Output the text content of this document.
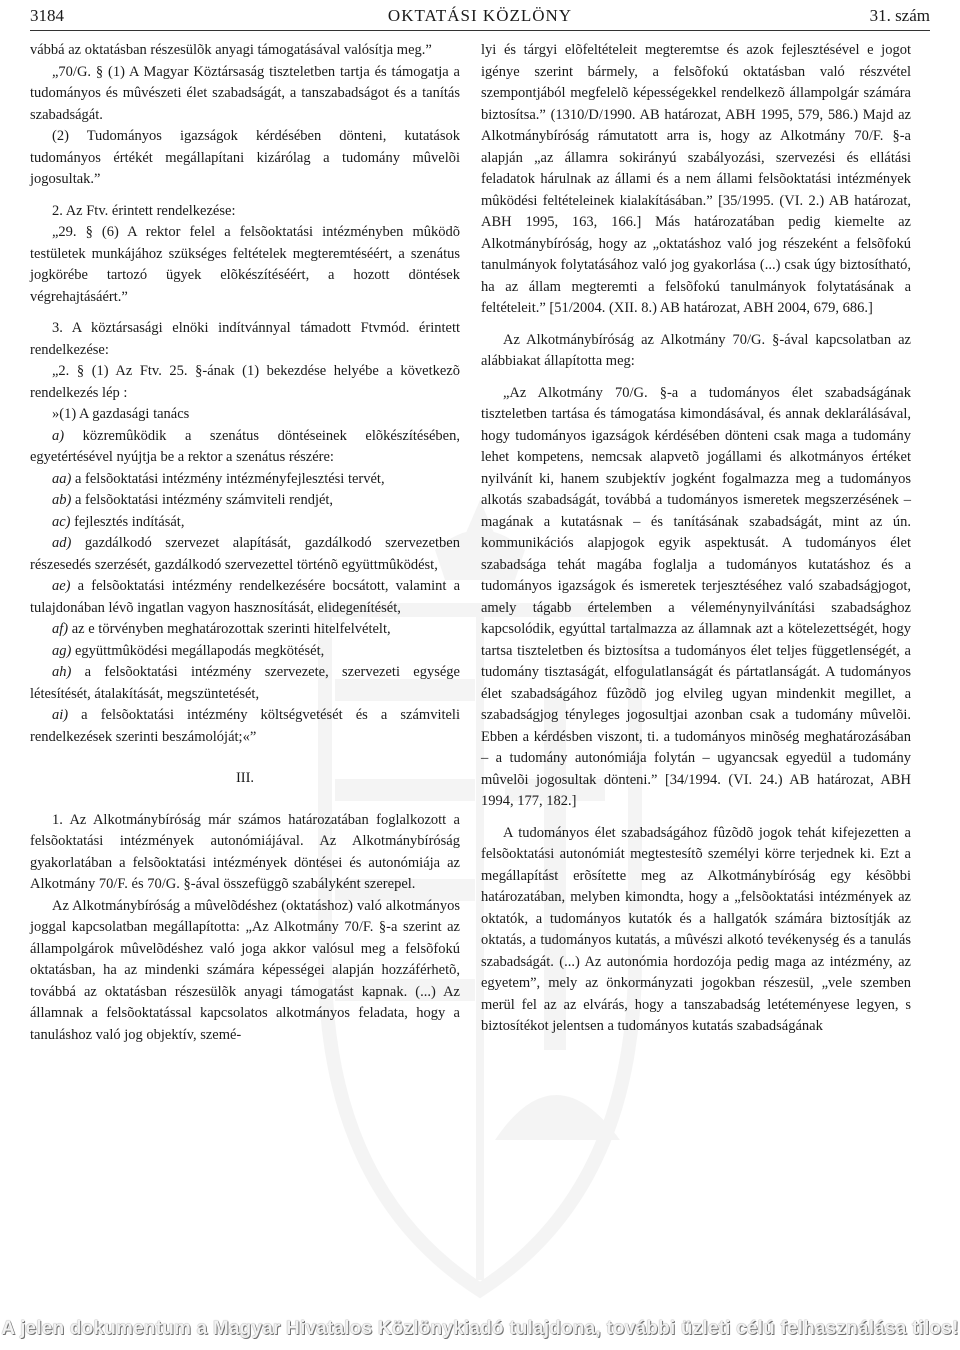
3184	OKTATÁSI KÖZLÖNY	31. szám

vábbá az oktatásban részesülõk anyagi támogatásával valósítja meg.”

„70/G. § (1) A Magyar Köztársaság tiszteletben tartja és támogatja a tudományos és mûvészeti élet szabadságát, a tanszabadságot és a tanítás szabadságát.

(2) Tudományos igazságok kérdésében dönteni, kutatások tudományos értékét megállapítani kizárólag a tudomány mûvelõi jogosultak.”

2. Az Ftv. érintett rendelkezése:

„29. § (6) A rektor felel a felsõoktatási intézményben mûködõ testületek munkájához szükséges feltételek megteremtéséért, a szenátus jogkörébe tartozó ügyek elõkészítéséért, a hozott döntések végrehajtásáért.”

3. A köztársasági elnöki indítvánnyal támadott Ftvmód. érintett rendelkezése:

„2. § (1) Az Ftv. 25. §-ának (1) bekezdése helyébe a következõ rendelkezés lép :

»(1) A gazdasági tanács

a) közremûködik a szenátus döntéseinek elõkészítésében, egyetértésével nyújtja be a rektor a szenátus részére:

aa) a felsõoktatási intézmény intézményfejlesztési tervét,

ab) a felsõoktatási intézmény számviteli rendjét,

ac) fejlesztés indítását,

ad) gazdálkodó szervezet alapítását, gazdálkodó szervezetben részesedés szerzését, gazdálkodó szervezettel történõ együttmûködést,

ae) a felsõoktatási intézmény rendelkezésére bocsátott, valamint a tulajdonában lévõ ingatlan vagyon hasznosítását, elidegenítését,

af) az e törvényben meghatározottak szerinti hitelfelvételt,

ag) együttmûködési megállapodás megkötését,

ah) a felsõoktatási intézmény szervezete, szervezeti egysége létesítését, átalakítását, megszüntetését,

ai) a felsõoktatási intézmény költségvetését és a számviteli rendelkezések szerinti beszámolóját;«”

III.

1. Az Alkotmánybíróság már számos határozatában foglalkozott a felsõoktatási intézmények autonómiájával. Az Alkotmánybíróság gyakorlatában a felsõoktatási intézmények döntései és autonómiája az Alkotmány 70/F. és 70/G. §-ával összefüggõ szabályként szerepel.

Az Alkotmánybíróság a mûvelõdéshez (oktatáshoz) való alkotmányos joggal kapcsolatban megállapította: „Az Alkotmány 70/F. §-a szerint az állampolgárok mûvelõdéshez való joga akkor valósul meg a felsõfokú oktatásban, ha az mindenki számára képességei alapján hozzáférhetõ, továbbá az oktatásban részesülõk anyagi támogatást kapnak. (...) Az államnak a felsõoktatással kapcsolatos alkotmányos feladata, hogy a tanuláshoz való jog objektív, szemé-

lyi és tárgyi elõfeltételeit megteremtse és azok fejlesztésével e jogot igénye szerint bármely, a felsõfokú oktatásban való részvétel szempontjából megfelelõ képességekkel rendelkezõ állampolgár számára biztosítsa.” (1310/D/1990. AB határozat, ABH 1995, 579, 586.) Majd az Alkotmánybíróság rámutatott arra is, hogy az Alkotmány 70/F. §-a alapján „az államra sokirányú szabályozási, szervezési és ellátási feladatok hárulnak az állami és a nem állami felsõoktatási intézmények mûködési feltételeinek kialakításában.” [35/1995. (VI. 2.) AB határozat, ABH 1995, 163, 166.] Más határozatában pedig kiemelte az Alkotmánybíróság, hogy az „oktatáshoz való jog részeként a felsõfokú tanulmányok folytatásához való jog gyakorlása (...) csak úgy biztosítható, ha az állam megteremti a felsõfokú tanulmányok folytatásának a feltételeit.” [51/2004. (XII. 8.) AB határozat, ABH 2004, 679, 686.]

Az Alkotmánybíróság az Alkotmány 70/G. §-ával kapcsolatban az alábbiakat állapította meg:

„Az Alkotmány 70/G. §-a a tudományos élet szabadságának tiszteletben tartása és támogatása kimondásával, és annak deklarálásával, hogy tudományos igazságok kérdésében dönteni csak maga a tudomány lehet kompetens, nemcsak alapvetõ jogállami és alkotmányos értéket nyilvánít ki, hanem szubjektív jogként fogalmazza meg a tudományos alkotás szabadságát, továbbá a tudományos ismeretek megszerzésének – magának a kutatásnak – és tanításának szabadságát, mint az ún. kommunikációs alapjogok egyik aspektusát. A tudományos élet szabadsága tehát magába foglalja a tudományos kutatáshoz és a tudományos igazságok és ismeretek terjesztéséhez való szabadságjogot, amely tágabb értelemben a véleménynyilvánítási szabadsághoz kapcsolódik, egyúttal tartalmazza az államnak azt a kötelezettségét, hogy tartsa tiszteletben és biztosítsa a tudományos élet teljes függetlenségét, a tudomány tisztaságát, elfogulatlanságát és pártatlanságát. A tudományos élet szabadságához fûzõdõ jog elvileg ugyan mindenkit megillet, a szabadságjog tényleges jogosultjai azonban csak a tudomány mûvelõi. Ebben a kérdésben viszont, ti. a tudományos minõség meghatározásában – a tudomány autonómiája folytán – ugyancsak egyedül a tudomány mûvelõi jogosultak dönteni.” [34/1994. (VI. 24.) AB határozat, ABH 1994, 177, 182.]

A tudományos élet szabadságához fûzõdõ jogok tehát kifejezetten a felsõoktatási autonómiát megtestesítõ személyi körre terjednek ki. Ezt a megállapítást erõsítette meg az Alkotmánybíróság egy késõbbi határozatában, melyben kimondta, hogy a „felsõoktatási intézmények az oktatók, a tudományos kutatók és a hallgatók számára biztosítják az oktatás, a tudományos kutatás, a mûvészi alkotó tevékenység és a tanulás szabadságát. (...) Az autonómia hordozója pedig maga az intézmény, az egyetem”, mely az önkormányzati jogokban részesül, „vele szemben merül fel az az elvárás, hogy a tanszabadság letéteményese legyen, s biztosítékot jelentsen a tudományos kutatás szabadságának

A jelen dokumentum a Magyar Hivatalos Közlönykiadó tulajdona, további üzleti célú felhasználása tilos!
